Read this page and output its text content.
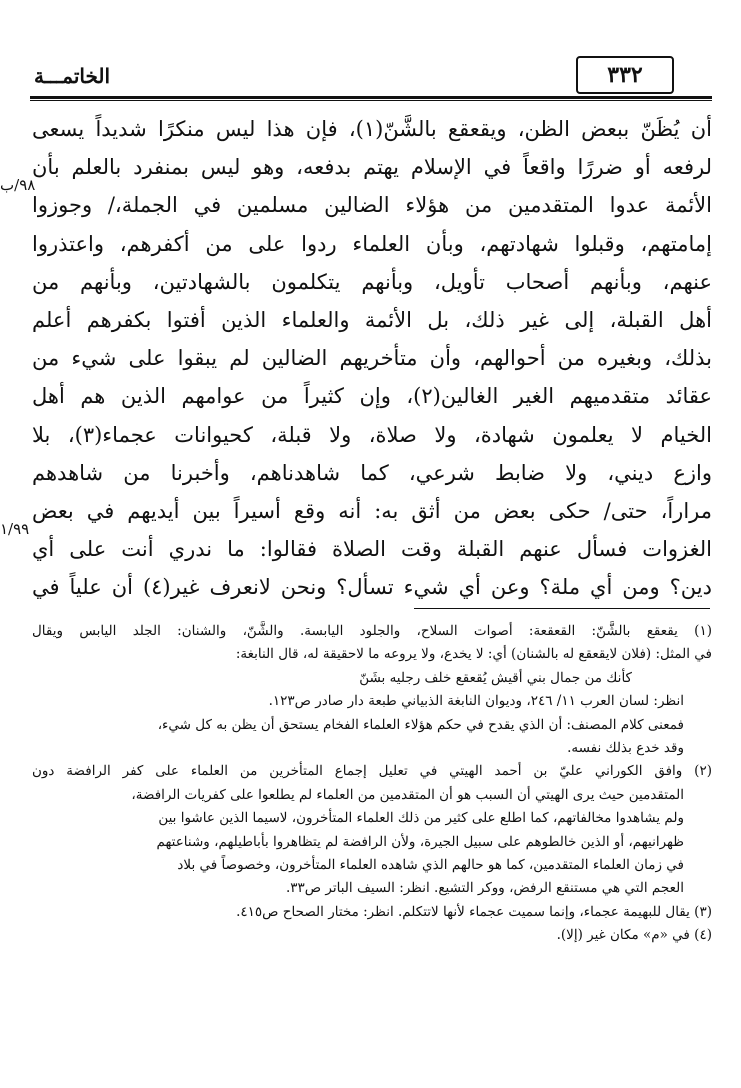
الخاتمـــة	٣٣٢
٩٨/ب
١/٩٩
أن يُظَنّ ببعض الظن، ويقعقع بالشَّنّ(١)، فإن هذا ليس منكرًا شديداً يسعى
لرفعه أو ضررًا واقعاً في الإسلام يهتم بدفعه، وهو ليس بمنفرد بالعلم بأن
الأئمة عدوا المتقدمين من هؤلاء الضالين مسلمين في الجملة،/ وجوزوا
إمامتهم، وقبلوا شهادتهم، وبأن العلماء ردوا على من أكفرهم، واعتذروا
عنهم، وبأنهم أصحاب تأويل، وبأنهم يتكلمون بالشهادتين، وبأنهم من
أهل القبلة، إلى غير ذلك، بل الأئمة والعلماء الذين أفتوا بكفرهم أعلم
بذلك، وبغيره من أحوالهم، وأن متأخريهم الضالين لم يبقوا على شيء من
عقائد متقدميهم الغير الغالين(٢)، وإن كثيراً من عوامهم الذين هم أهل
الخيام لا يعلمون شهادة، ولا صلاة، ولا قبلة، كحيوانات عجماء(٣)، بلا
وازع ديني، ولا ضابط شرعي، كما شاهدناهم، وأخبرنا من شاهدهم
مراراً، حتى/ حكى بعض من أثق به: أنه وقع أسيراً بين أيديهم في بعض
الغزوات فسأل عنهم القبلة وقت الصلاة فقالوا: ما ندري أنت على أي
دين؟ ومن أي ملة؟ وعن أي شيء تسأل؟ ونحن لانعرف غير(٤) أن علياً في
(١) يقعقع بالشَّنّ: القعقعة: أصوات السلاح، والجلود اليابسة. والشَّنّ، والشنان: الجلد اليابس ويقال
في المثل: (فلان لايقعقع له بالشنان) أي: لا يخدع، ولا يروعه ما لاحقيقة له، قال النابغة:
كأنك من جمال بني أقيش يُقعقع خلف رجليه بشَنّ
انظر: لسان العرب ١١/ ٢٤٦، وديوان النابغة الذبياني طبعة دار صادر ص١٢٣.
فمعنى كلام المصنف: أن الذي يقدح في حكم هؤلاء العلماء الفخام يستحق أن يظن به كل شيء،
وقد خدع بذلك نفسه.
(٢) وافق الكوراني عليّ بن أحمد الهيتي في تعليل إجماع المتأخرين من العلماء على كفر الرافضة دون
المتقدمين حيث يرى الهيتي أن السبب هو أن المتقدمين من العلماء لم يطلعوا على كفريات الرافضة،
ولم يشاهدوا مخالفاتهم، كما اطلع على كثير من ذلك العلماء المتأخرون، لاسيما الذين عاشوا بين
ظهرانيهم، أو الذين خالطوهم على سبيل الجيرة، ولأن الرافضة لم يتظاهروا بأباطيلهم، وشناعتهم
في زمان العلماء المتقدمين، كما هو حالهم الذي شاهده العلماء المتأخرون، وخصوصاً في بلاد
العجم التي هي مستنقع الرفض، ووكر التشيع. انظر: السيف الباتر ص٣٣.
(٣) يقال للبهيمة عجماء، وإنما سميت عجماء لأنها لاتتكلم. انظر: مختار الصحاح ص٤١٥.
(٤) في «م» مكان غير (إلا).
